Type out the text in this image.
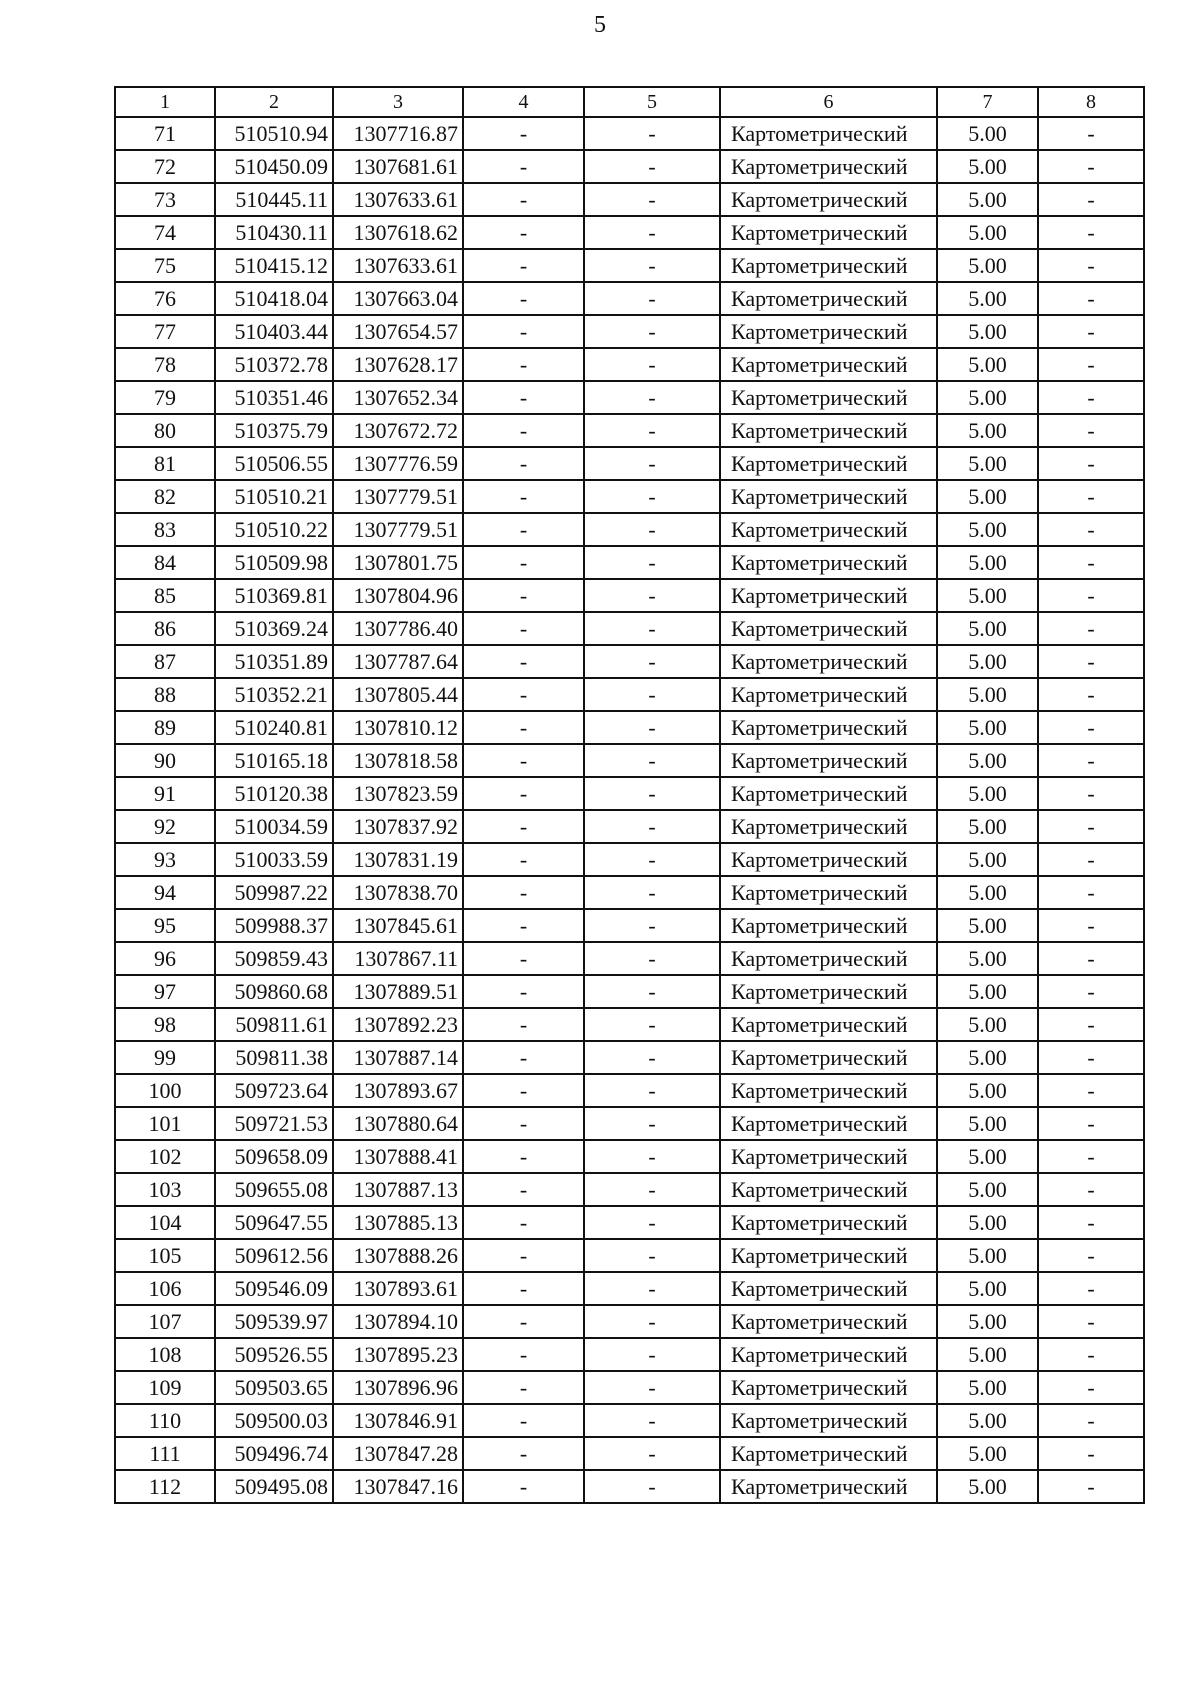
5
1	2	3	4	5	6	7	8
71	510510.94	1307716.87	-	-	Картометрический	5.00	-
72	510450.09	1307681.61	-	-	Картометрический	5.00	-
73	510445.11	1307633.61	-	-	Картометрический	5.00	-
74	510430.11	1307618.62	-	-	Картометрический	5.00	-
75	510415.12	1307633.61	-	-	Картометрический	5.00	-
76	510418.04	1307663.04	-	-	Картометрический	5.00	-
77	510403.44	1307654.57	-	-	Картометрический	5.00	-
78	510372.78	1307628.17	-	-	Картометрический	5.00	-
79	510351.46	1307652.34	-	-	Картометрический	5.00	-
80	510375.79	1307672.72	-	-	Картометрический	5.00	-
81	510506.55	1307776.59	-	-	Картометрический	5.00	-
82	510510.21	1307779.51	-	-	Картометрический	5.00	-
83	510510.22	1307779.51	-	-	Картометрический	5.00	-
84	510509.98	1307801.75	-	-	Картометрический	5.00	-
85	510369.81	1307804.96	-	-	Картометрический	5.00	-
86	510369.24	1307786.40	-	-	Картометрический	5.00	-
87	510351.89	1307787.64	-	-	Картометрический	5.00	-
88	510352.21	1307805.44	-	-	Картометрический	5.00	-
89	510240.81	1307810.12	-	-	Картометрический	5.00	-
90	510165.18	1307818.58	-	-	Картометрический	5.00	-
91	510120.38	1307823.59	-	-	Картометрический	5.00	-
92	510034.59	1307837.92	-	-	Картометрический	5.00	-
93	510033.59	1307831.19	-	-	Картометрический	5.00	-
94	509987.22	1307838.70	-	-	Картометрический	5.00	-
95	509988.37	1307845.61	-	-	Картометрический	5.00	-
96	509859.43	1307867.11	-	-	Картометрический	5.00	-
97	509860.68	1307889.51	-	-	Картометрический	5.00	-
98	509811.61	1307892.23	-	-	Картометрический	5.00	-
99	509811.38	1307887.14	-	-	Картометрический	5.00	-
100	509723.64	1307893.67	-	-	Картометрический	5.00	-
101	509721.53	1307880.64	-	-	Картометрический	5.00	-
102	509658.09	1307888.41	-	-	Картометрический	5.00	-
103	509655.08	1307887.13	-	-	Картометрический	5.00	-
104	509647.55	1307885.13	-	-	Картометрический	5.00	-
105	509612.56	1307888.26	-	-	Картометрический	5.00	-
106	509546.09	1307893.61	-	-	Картометрический	5.00	-
107	509539.97	1307894.10	-	-	Картометрический	5.00	-
108	509526.55	1307895.23	-	-	Картометрический	5.00	-
109	509503.65	1307896.96	-	-	Картометрический	5.00	-
110	509500.03	1307846.91	-	-	Картометрический	5.00	-
111	509496.74	1307847.28	-	-	Картометрический	5.00	-
112	509495.08	1307847.16	-	-	Картометрический	5.00	-
